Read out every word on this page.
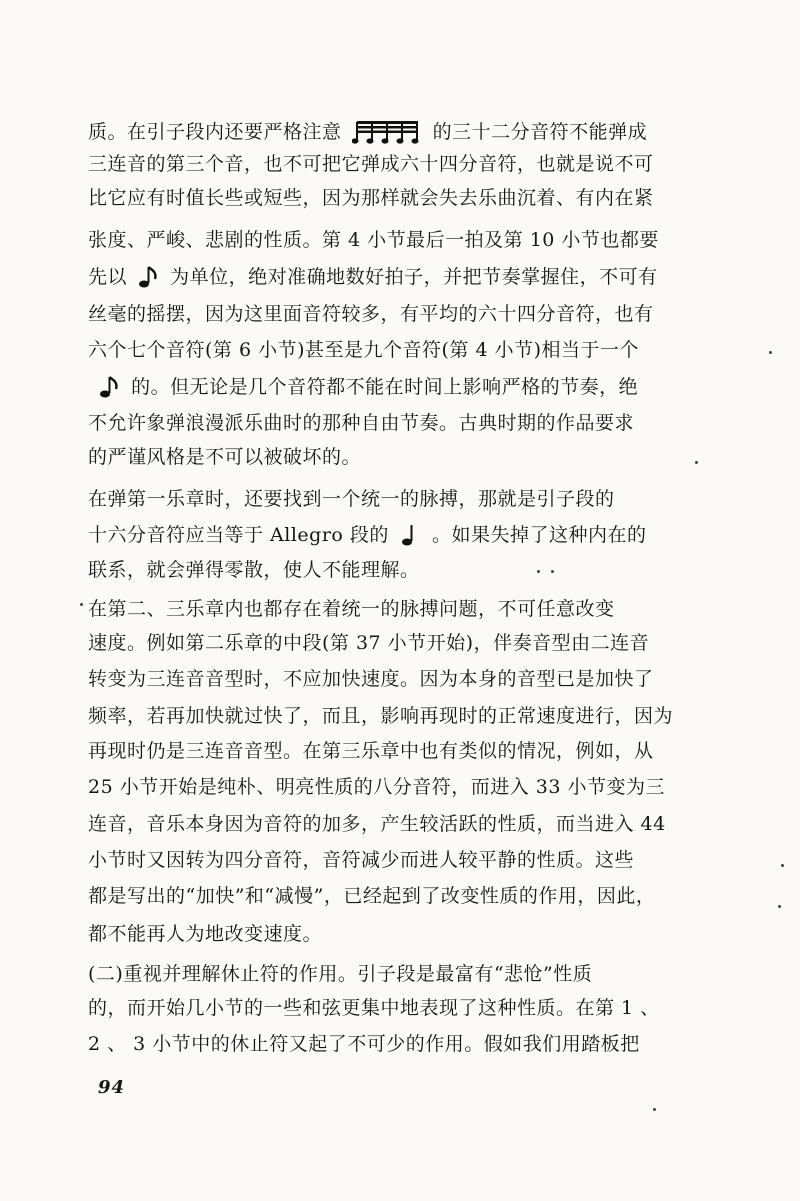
质。在引子段内还要严格注意	的三十二分音符不能弹成
三连音的第三个音，也不可把它弹成六十四分音符，也就是说不可
比它应有时值长些或短些，因为那样就会失去乐曲沉着、有内在紧
张度、严峻、悲剧的性质。第 4 小节最后一拍及第 10 小节也都要
先以 为单位，绝对准确地数好拍子，并把节奏掌握住，不可有
丝毫的摇摆，因为这里面音符较多，有平均的六十四分音符，也有
六个七个音符(第 6 小节)甚至是九个音符(第 4 小节)相当于一个
的。但无论是几个音符都不能在时间上影响严格的节奏，绝
不允许象弹浪漫派乐曲时的那种自由节奏。古典时期的作品要求
的严谨风格是不可以被破坏的。
在弹第一乐章时，还要找到一个统一的脉搏，那就是引子段的
十六分音符应当等于 Allegro 段的 。如果失掉了这种内在的
联系，就会弹得零散，使人不能理解。
在第二、三乐章内也都存在着统一的脉搏问题，不可任意改变
速度。例如第二乐章的中段(第 37 小节开始)，伴奏音型由二连音
转变为三连音音型时，不应加快速度。因为本身的音型已是加快了
频率，若再加快就过快了，而且，影响再现时的正常速度进行，因为
再现时仍是三连音音型。在第三乐章中也有类似的情况，例如，从
25 小节开始是纯朴、明亮性质的八分音符，而进入 33 小节变为三
连音，音乐本身因为音符的加多，产生较活跃的性质，而当进入 44
小节时又因转为四分音符，音符减少而进人较平静的性质。这些
都是写出的“加快”和“减慢”，已经起到了改变性质的作用，因此，
都不能再人为地改变速度。
(二)重视并理解休止符的作用。引子段是最富有“悲怆”性质
的，而开始几小节的一些和弦更集中地表现了这种性质。在第 1 、
2 、 3 小节中的休止符又起了不可少的作用。假如我们用踏板把
94
